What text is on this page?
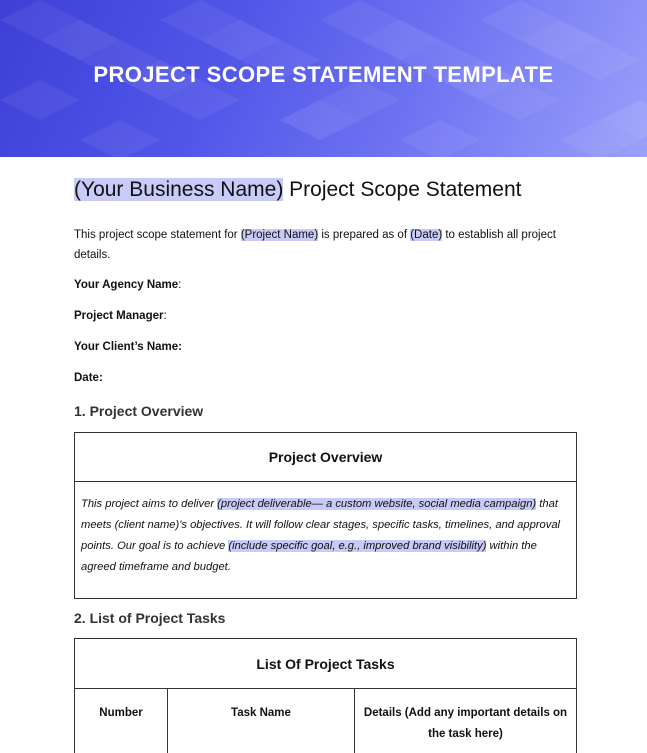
PROJECT SCOPE STATEMENT TEMPLATE
(Your Business Name) Project Scope Statement
This project scope statement for (Project Name) is prepared as of (Date) to establish all project details.
Your Agency Name:
Project Manager:
Your Client’s Name:
Date:
1. Project Overview
Project Overview
This project aims to deliver (project deliverable— a custom website, social media campaign) that meets (client name)'s objectives. It will follow clear stages, specific tasks, timelines, and approval points. Our goal is to achieve (include specific goal, e.g., improved brand visibility) within the agreed timeframe and budget.
2. List of Project Tasks
List Of Project Tasks
Number	Task Name	Details (Add any important details on the task here)
